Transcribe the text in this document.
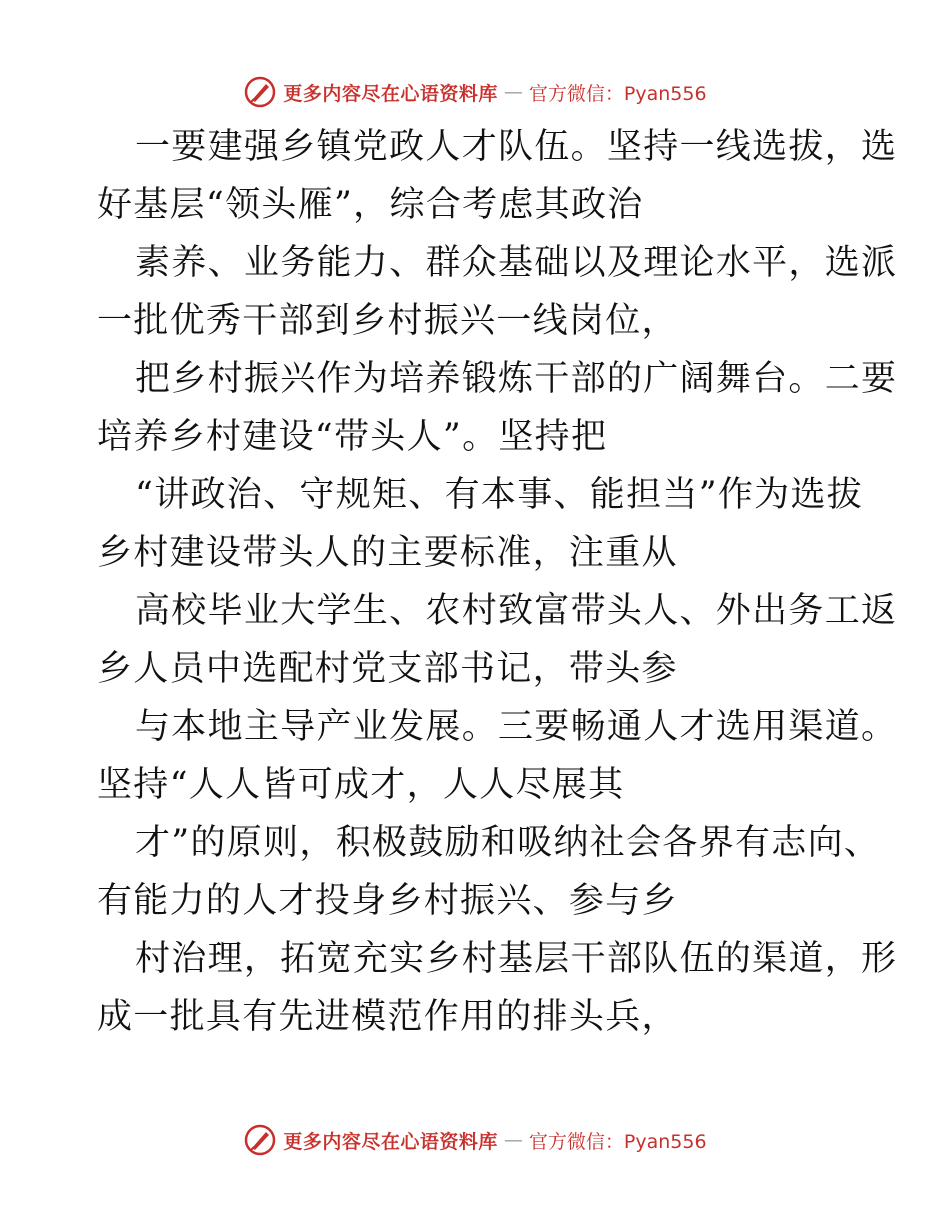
更多内容尽在心语资料库 — 官方微信：Pyan556
一要建强乡镇党政人才队伍。坚持一线选拔，选
好基层“领头雁”，综合考虑其政治
素养、业务能力、群众基础以及理论水平，选派
一批优秀干部到乡村振兴一线岗位，
把乡村振兴作为培养锻炼干部的广阔舞台。二要
培养乡村建设“带头人”。坚持把
“讲政治、守规矩、有本事、能担当”作为选拔
乡村建设带头人的主要标准，注重从
高校毕业大学生、农村致富带头人、外出务工返
乡人员中选配村党支部书记，带头参
与本地主导产业发展。三要畅通人才选用渠道。
坚持“人人皆可成才，人人尽展其
才”的原则，积极鼓励和吸纳社会各界有志向、
有能力的人才投身乡村振兴、参与乡
村治理，拓宽充实乡村基层干部队伍的渠道，形
成一批具有先进模范作用的排头兵，
更多内容尽在心语资料库 — 官方微信：Pyan556
